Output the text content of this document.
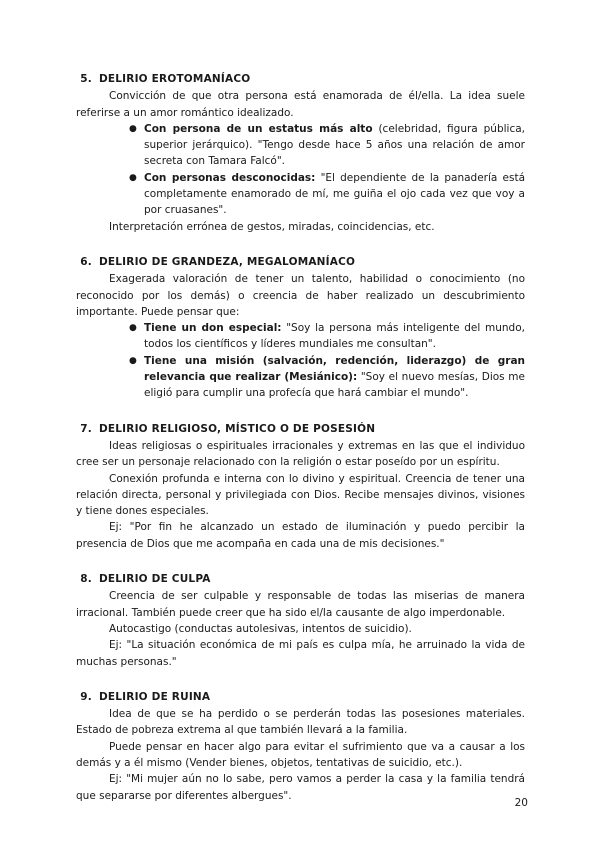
5. DELIRIO EROTOMANÍACO

Convicción de que otra persona está enamorada de él/ella. La idea suele referirse a un amor romántico idealizado.

● Con persona de un estatus más alto (celebridad, figura pública, superior jerárquico). "Tengo desde hace 5 años una relación de amor secreta con Tamara Falcó".
● Con personas desconocidas: "El dependiente de la panadería está completamente enamorado de mí, me guiña el ojo cada vez que voy a por cruasanes".

Interpretación errónea de gestos, miradas, coincidencias, etc.

6. DELIRIO DE GRANDEZA, MEGALOMANÍACO

Exagerada valoración de tener un talento, habilidad o conocimiento (no reconocido por los demás) o creencia de haber realizado un descubrimiento importante. Puede pensar que:

● Tiene un don especial: "Soy la persona más inteligente del mundo, todos los científicos y líderes mundiales me consultan".
● Tiene una misión (salvación, redención, liderazgo) de gran relevancia que realizar (Mesiánico): "Soy el nuevo mesías, Dios me eligió para cumplir una profecía que hará cambiar el mundo".
7. DELIRIO RELIGIOSO, MÍSTICO O DE POSESIÓN

Ideas religiosas o espirituales irracionales y extremas en las que el individuo cree ser un personaje relacionado con la religión o estar poseído por un espíritu.

Conexión profunda e interna con lo divino y espiritual. Creencia de tener una relación directa, personal y privilegiada con Dios. Recibe mensajes divinos, visiones y tiene dones especiales.

Ej: "Por fin he alcanzado un estado de iluminación y puedo percibir la presencia de Dios que me acompaña en cada una de mis decisiones."

8. DELIRIO DE CULPA

Creencia de ser culpable y responsable de todas las miserias de manera irracional. También puede creer que ha sido el/la causante de algo imperdonable.

Autocastigo (conductas autolesivas, intentos de suicidio).

Ej: "La situación económica de mi país es culpa mía, he arruinado la vida de muchas personas."

9. DELIRIO DE RUINA

Idea de que se ha perdido o se perderán todas las posesiones materiales. Estado de pobreza extrema al que también llevará a la familia.

Puede pensar en hacer algo para evitar el sufrimiento que va a causar a los demás y a él mismo (Vender bienes, objetos, tentativas de suicidio, etc.).

Ej: "Mi mujer aún no lo sabe, pero vamos a perder la casa y la familia tendrá que separarse por diferentes albergues".

20
